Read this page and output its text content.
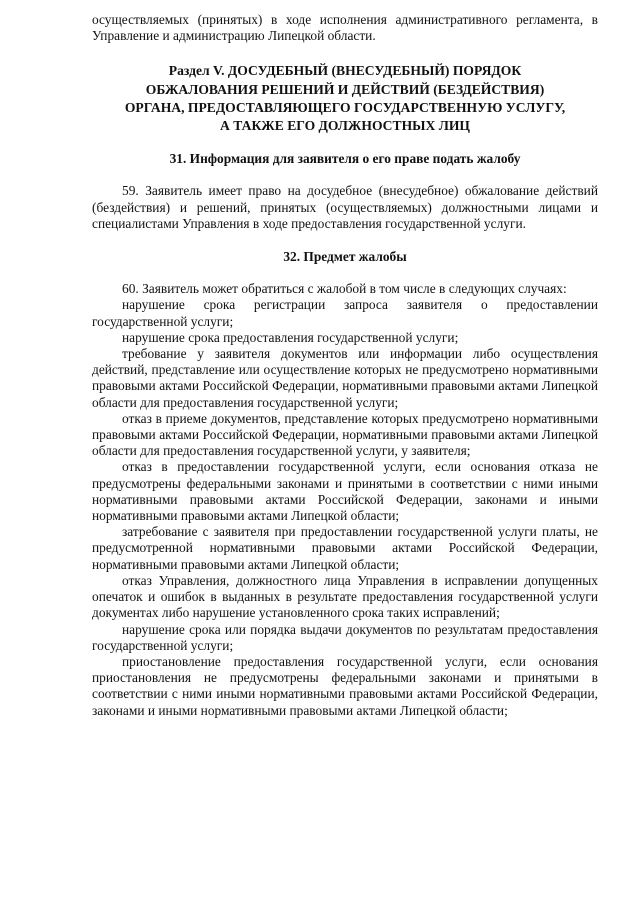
осуществляемых (принятых) в ходе исполнения административного регламента, в Управление и администрацию Липецкой области.

Раздел V. ДОСУДЕБНЫЙ (ВНЕСУДЕБНЫЙ) ПОРЯДОК

ОБЖАЛОВАНИЯ РЕШЕНИЙ И ДЕЙСТВИЙ (БЕЗДЕЙСТВИЯ)

ОРГАНА, ПРЕДОСТАВЛЯЮЩЕГО ГОСУДАРСТВЕННУЮ УСЛУГУ,

А ТАКЖЕ ЕГО ДОЛЖНОСТНЫХ ЛИЦ

31. Информация для заявителя о его праве подать жалобу

59. Заявитель имеет право на досудебное (внесудебное) обжалование действий (бездействия) и решений, принятых (осуществляемых) должностными лицами и специалистами Управления в ходе предоставления государственной услуги.

32. Предмет жалобы

60. Заявитель может обратиться с жалобой в том числе в следующих случаях:

нарушение срока регистрации запроса заявителя о предоставлении государственной услуги;

нарушение срока предоставления государственной услуги;

требование у заявителя документов или информации либо осуществления действий, представление или осуществление которых не предусмотрено нормативными правовыми актами Российской Федерации, нормативными правовыми актами Липецкой области для предоставления государственной услуги;

отказ в приеме документов, представление которых предусмотрено нормативными правовыми актами Российской Федерации, нормативными правовыми актами Липецкой области для предоставления государственной услуги, у заявителя;

отказ в предоставлении государственной услуги, если основания отказа не предусмотрены федеральными законами и принятыми в соответствии с ними иными нормативными правовыми актами Российской Федерации, законами и иными нормативными правовыми актами Липецкой области;

затребование с заявителя при предоставлении государственной услуги платы, не предусмотренной нормативными правовыми актами Российской Федерации, нормативными правовыми актами Липецкой области;

отказ Управления, должностного лица Управления в исправлении допущенных опечаток и ошибок в выданных в результате предоставления государственной услуги документах либо нарушение установленного срока таких исправлений;

нарушение срока или порядка выдачи документов по результатам предоставления государственной услуги;

приостановление предоставления государственной услуги, если основания приостановления не предусмотрены федеральными законами и принятыми в соответствии с ними иными нормативными правовыми актами Российской Федерации, законами и иными нормативными правовыми актами Липецкой области;
